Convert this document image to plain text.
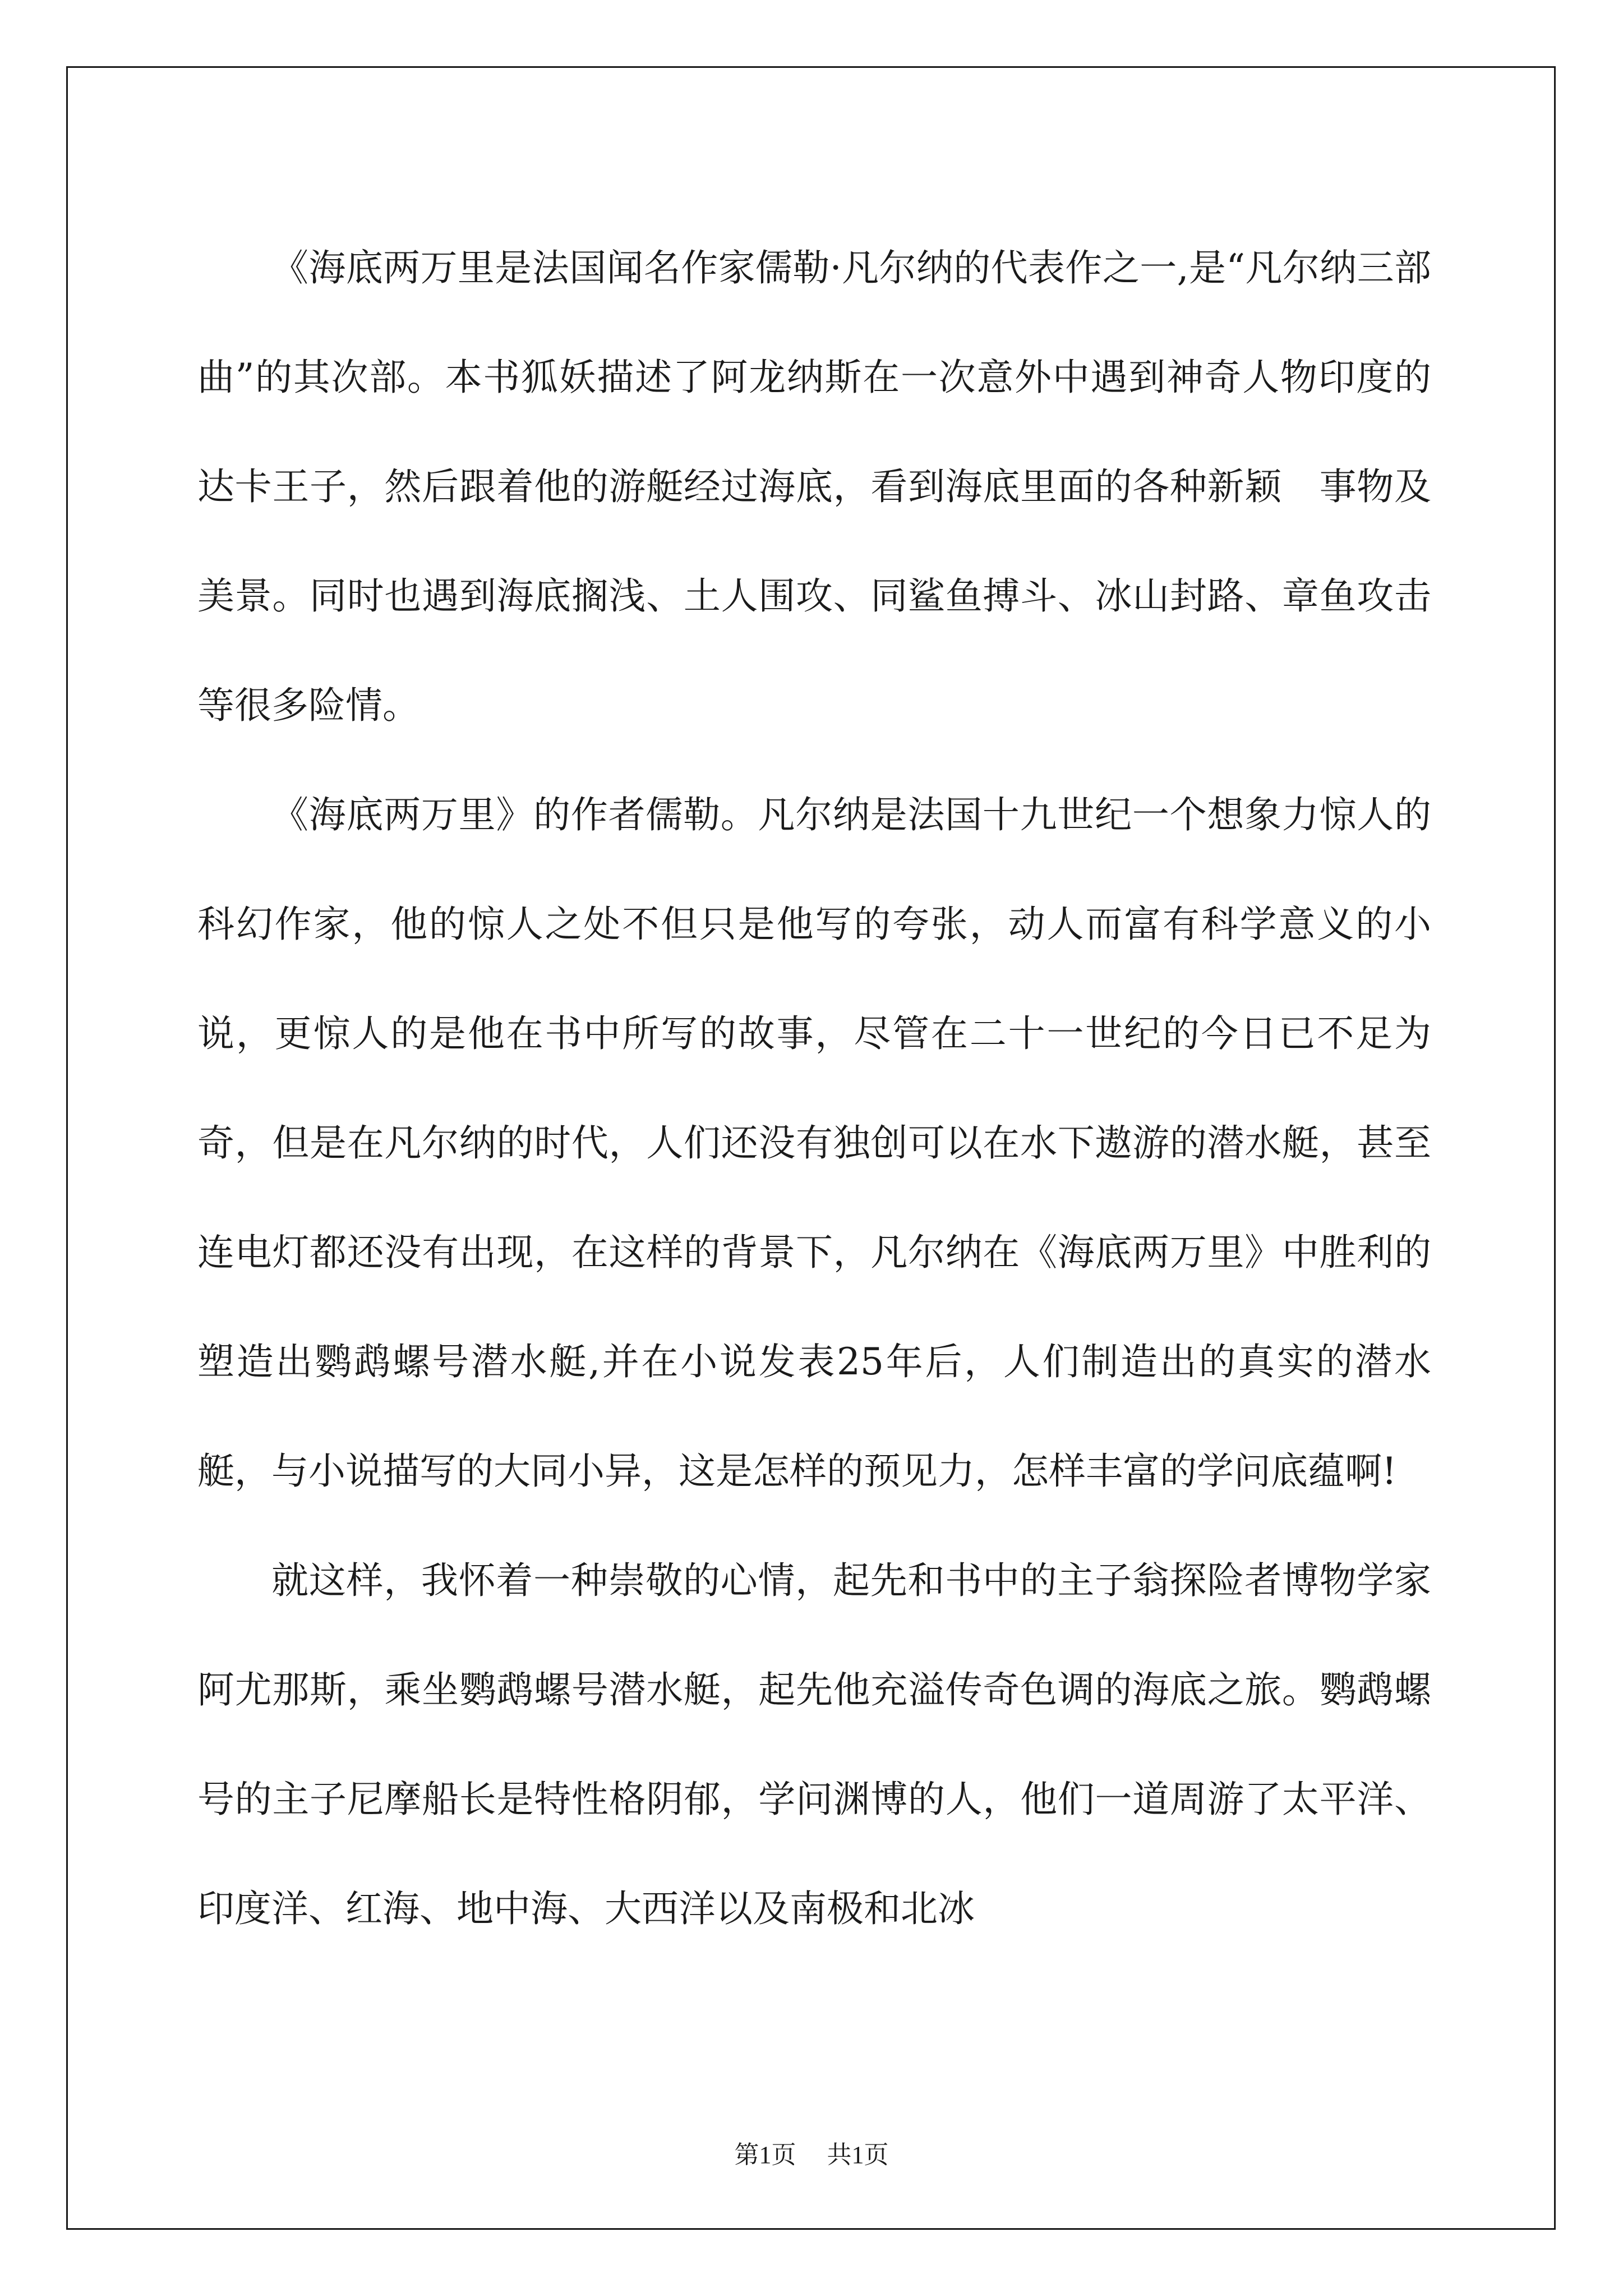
《海底两万里是法国闻名作家儒勒·凡尔纳的代表作之一,是“凡尔纳三部曲”的其次部。本书狐妖描述了阿龙纳斯在一次意外中遇到神奇人物印度的达卡王子，然后跟着他的游艇经过海底，看到海底里面的各种新颖　事物及美景。同时也遇到海底搁浅、土人围攻、同鲨鱼搏斗、冰山封路、章鱼攻击等很多险情。

《海底两万里》的作者儒勒。凡尔纳是法国十九世纪一个想象力惊人的科幻作家，他的惊人之处不但只是他写的夸张，动人而富有科学意义的小说，更惊人的是他在书中所写的故事，尽管在二十一世纪的今日已不足为奇，但是在凡尔纳的时代，人们还没有独创可以在水下遨游的潜水艇，甚至连电灯都还没有出现，在这样的背景下，凡尔纳在《海底两万里》中胜利的塑造出鹦鹉螺号潜水艇,并在小说发表25年后，人们制造出的真实的潜水艇，与小说描写的大同小异，这是怎样的预见力，怎样丰富的学问底蕴啊!

就这样，我怀着一种崇敬的心情，起先和书中的主子翁探险者博物学家阿尤那斯，乘坐鹦鹉螺号潜水艇，起先他充溢传奇色调的海底之旅。鹦鹉螺号的主子尼摩船长是特性格阴郁，学问渊博的人，他们一道周游了太平洋、印度洋、红海、地中海、大西洋以及南极和北冰

第1页 共1页
